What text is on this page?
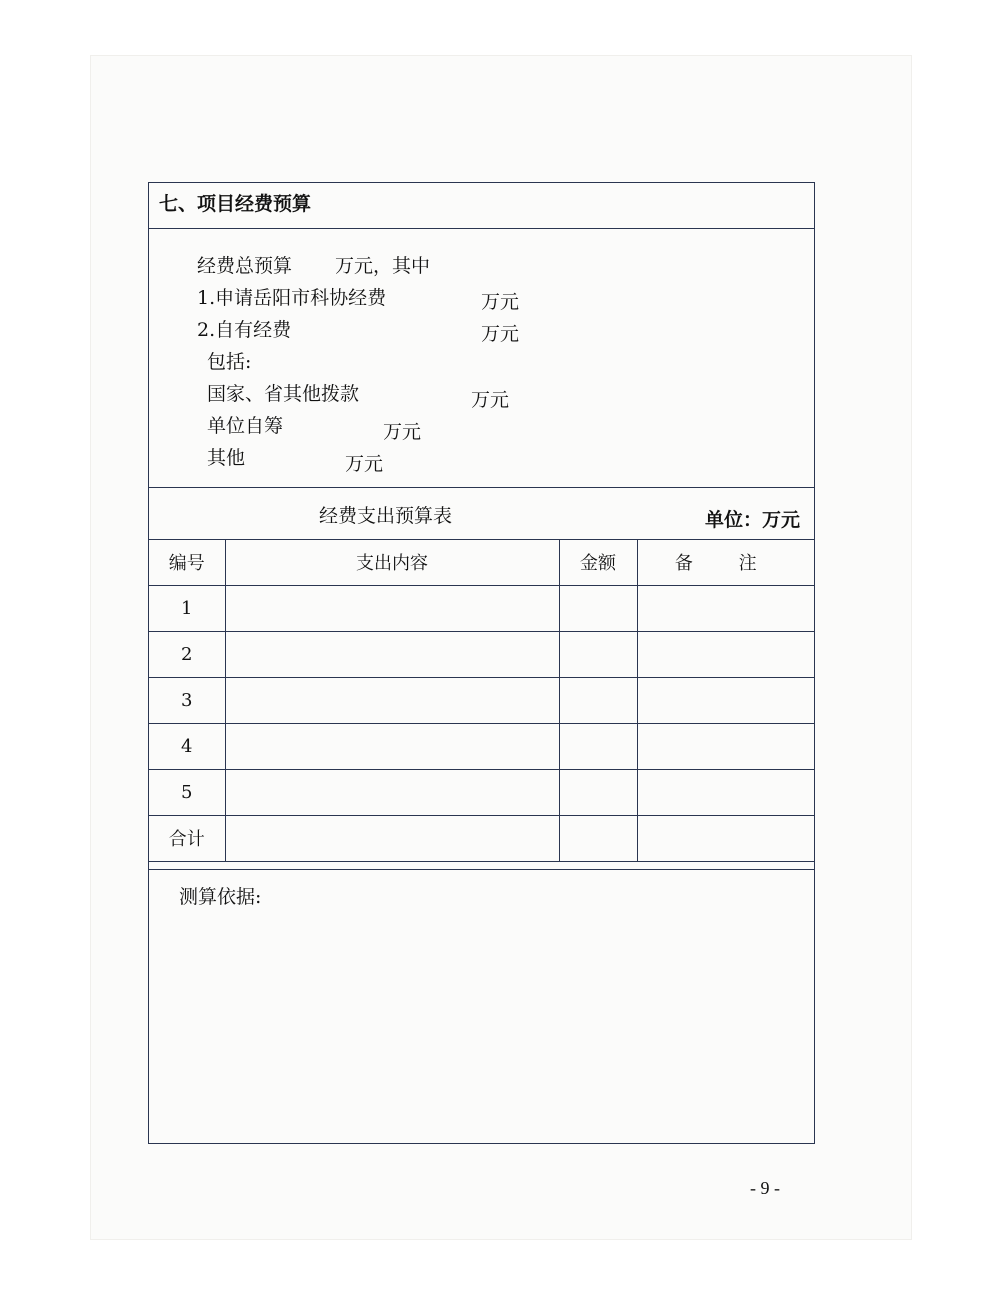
七、项目经费预算
经费总预算 万元，其中
1.申请岳阳市科协经费	万元
2.自有经费	万元
包括:
国家、省其他拨款	万元
单位自筹	万元
其他	万元
经费支出预算表	单位：万元
编号	支出内容	金额	备 注
1			
2			
3			
4			
5			
合计			
测算依据:
- 9 -
